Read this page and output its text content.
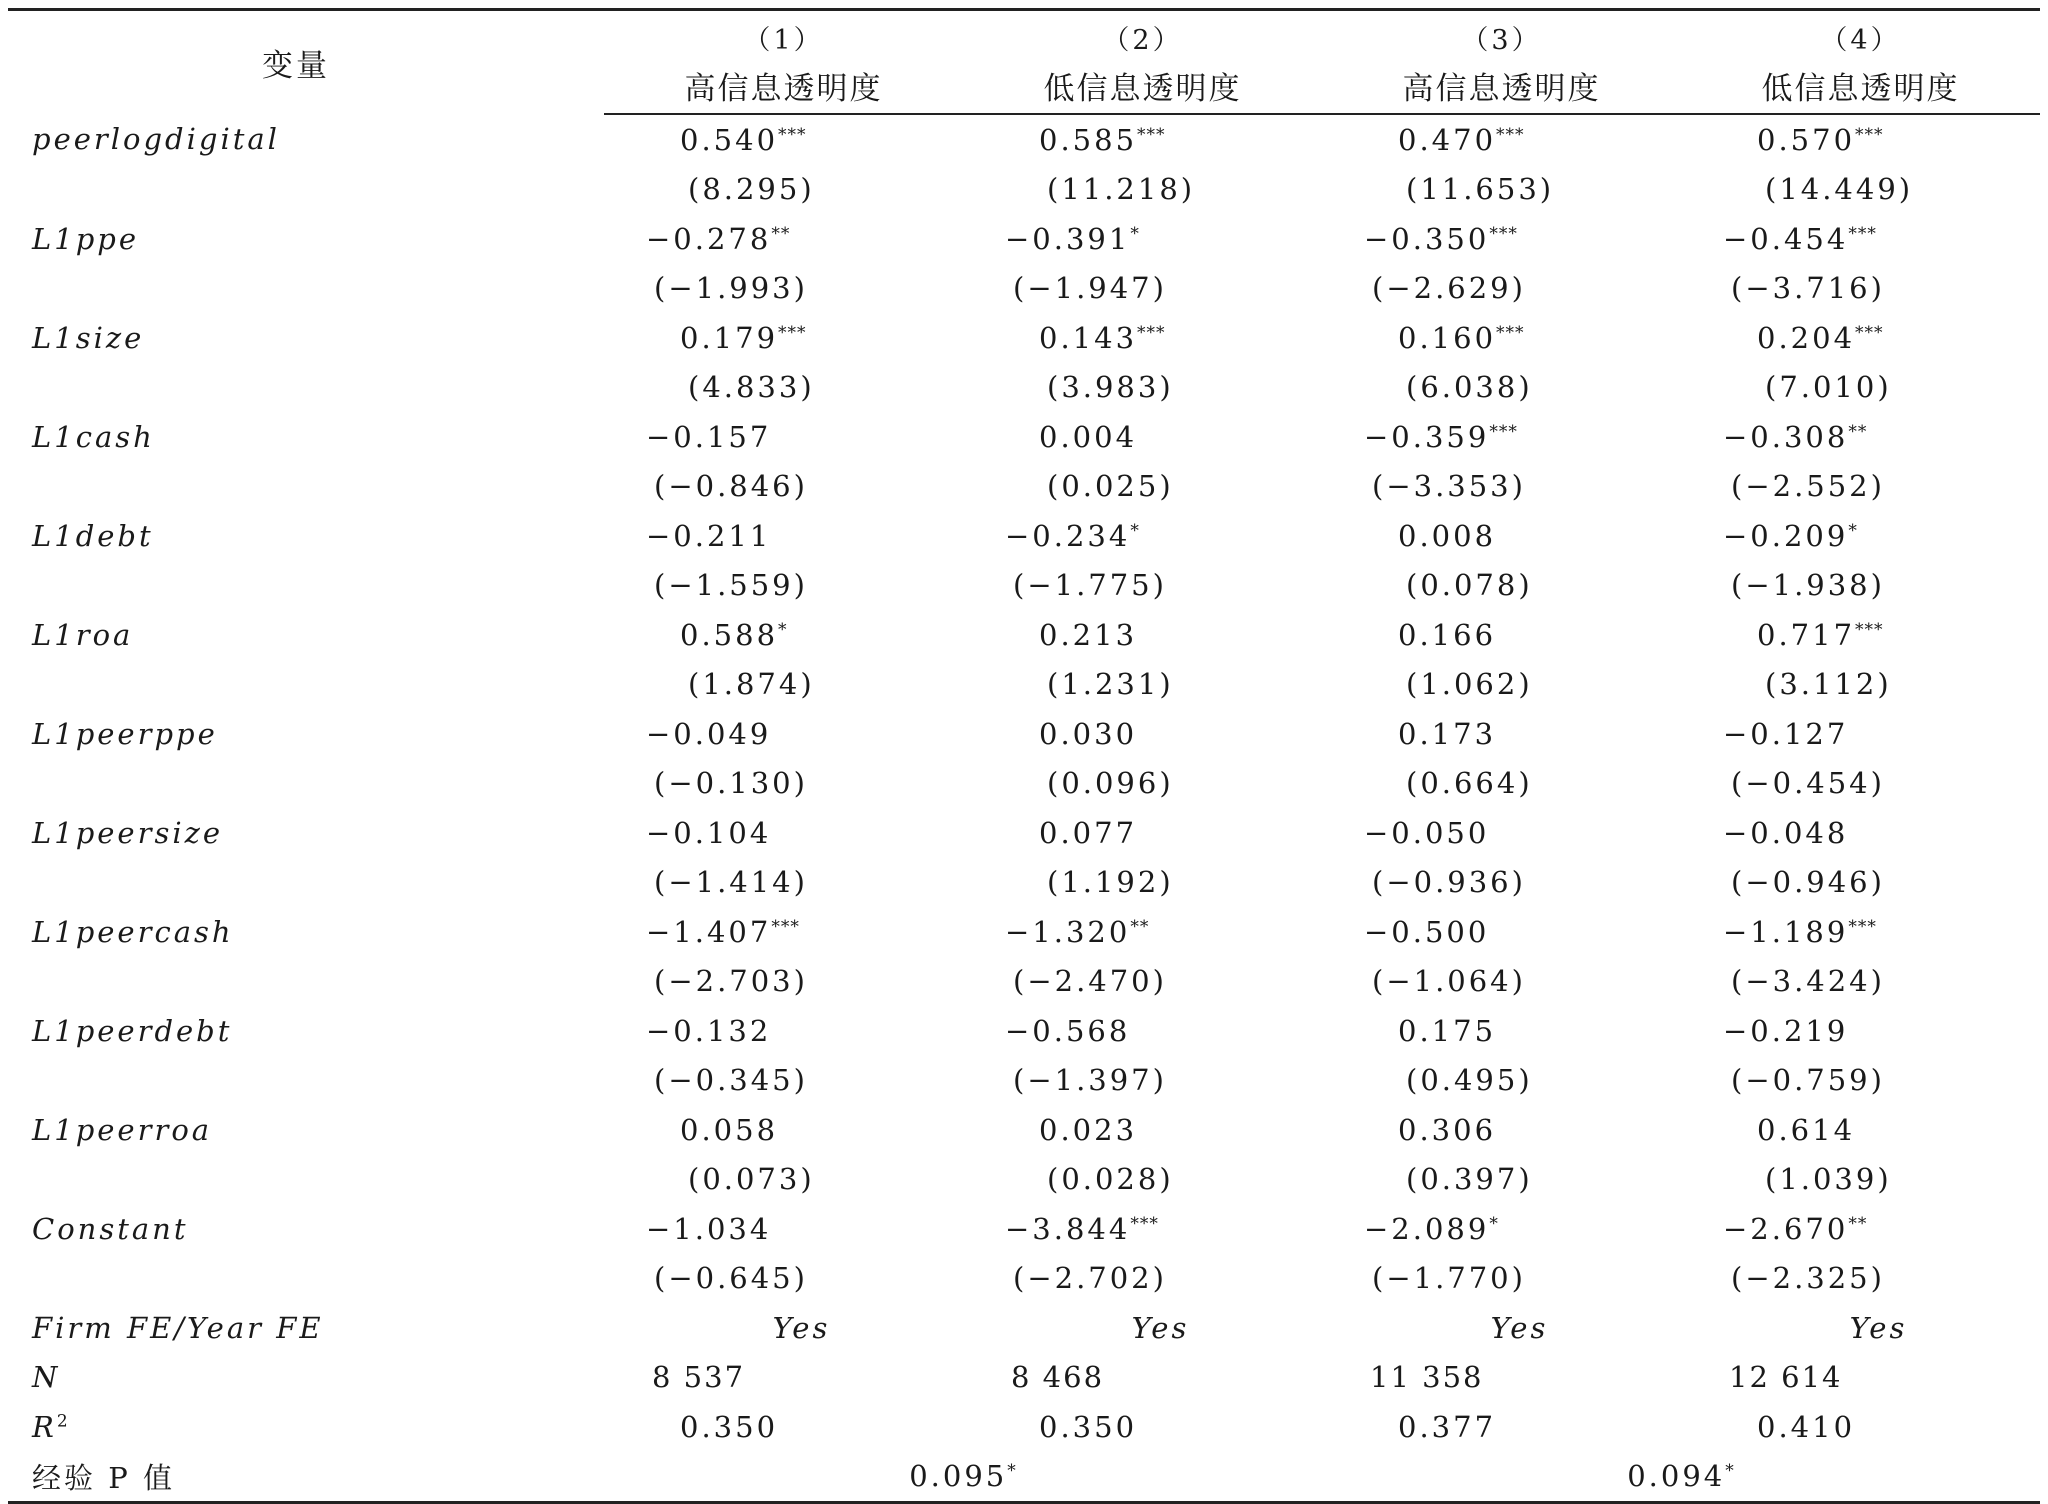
变量	（1）	（2）	（3）	（4）
	高信息透明度	低信息透明度	高信息透明度	低信息透明度
peerlogdigital	0.540***	0.585***	0.470***	0.570***
	(8.295)	(11.218)	(11.653)	(14.449)
L1ppe	−0.278**	−0.391*	−0.350***	−0.454***
	(−1.993)	(−1.947)	(−2.629)	(−3.716)
L1size	0.179***	0.143***	0.160***	0.204***
	(4.833)	(3.983)	(6.038)	(7.010)
L1cash	−0.157	0.004	−0.359***	−0.308**
	(−0.846)	(0.025)	(−3.353)	(−2.552)
L1debt	−0.211	−0.234*	0.008	−0.209*
	(−1.559)	(−1.775)	(0.078)	(−1.938)
L1roa	0.588*	0.213	0.166	0.717***
	(1.874)	(1.231)	(1.062)	(3.112)
L1peerppe	−0.049	0.030	0.173	−0.127
	(−0.130)	(0.096)	(0.664)	(−0.454)
L1peersize	−0.104	0.077	−0.050	−0.048
	(−1.414)	(1.192)	(−0.936)	(−0.946)
L1peercash	−1.407***	−1.320**	−0.500	−1.189***
	(−2.703)	(−2.470)	(−1.064)	(−3.424)
L1peerdebt	−0.132	−0.568	0.175	−0.219
	(−0.345)	(−1.397)	(0.495)	(−0.759)
L1peerroa	0.058	0.023	0.306	0.614
	(0.073)	(0.028)	(0.397)	(1.039)
Constant	−1.034	−3.844***	−2.089*	−2.670**
	(−0.645)	(−2.702)	(−1.770)	(−2.325)
Firm FE/Year FE	Yes	Yes	Yes	Yes
N	8 537	8 468	11 358	12 614
$R^2$	0.350	0.350	0.377	0.410
经验 P 值	0.095*		0.094*
